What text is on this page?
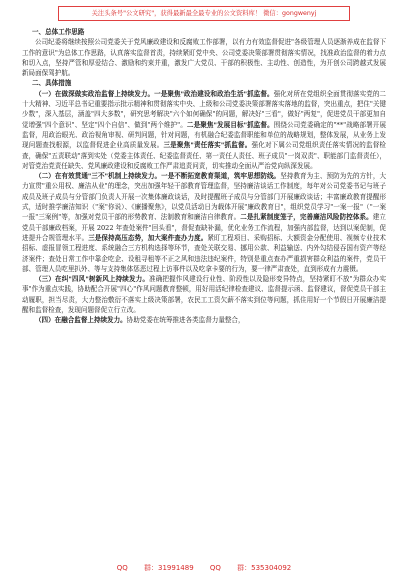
关注头条号"公文研究"，获得最新最全最专业的公文资料库！ 微信：gongwenyj
一、总体工作思路

公司纪委将继续按照公司党委关于党风廉政建设和反腐败工作部署，以有力有效监督促进"各级管理人员逐渐养成在监督下工作的意识"为总体工作思路，认真落实监督首责，持续紧盯党中央、公司党委决策部署贯彻落实情况，找准政治监督的着力点和切入点，坚持严管和厚爱结合、激励和约束并重，激发广大党员、干部的积极性、主动性、创造性，为开创公司跨越式发展新局面保驾护航。

二、具体措施

（一）在做深做实政治监督上持续发力。一是聚焦"政治建设和政治生活"抓监督。强化对所在党组织全面贯彻落实党的二十大精神、习近平总书记重要指示批示精神和贯彻落实中央、上级和公司党委决策部署落实落地的监督，突出重点，把住"关键少数"，深入基层，涵盖"四大多数"，研究思考解决"六个如何确保"的问题，解决好"三看"，做好"两复"，促进党员干部更加自觉增强"四个意识"、坚定"四个自信"、做到"两个维护"。二是聚焦"发展目标"抓监督。围绕公司党委确定的"**"战略部署开展监督，用政治眼光、政治视角审视、研判问题，针对问题，有机融合纪委监督职能和单位的战略规划，整体发展，从业务上发现问题查找根源，以监督促进企业高质量发展。三是聚焦"责任落实"抓监督。强化对下属公司党组织责任落实情况的监督检查，确保"五责联动"落到实处（党委主体责任、纪委监督责任、第一责任人责任、班子成员"一岗双责"、职能部门监督责任），对管党治党责任缺失、党风廉政建设和反腐败工作严肃追责问责，切实推动全面从严治党向纵深发展。

（二）在有效贯通"三不"机制上持续发力。一是不断拓宽教育渠道，筑牢思想防线。坚持教育为主、预防为先的方针，大力宣贯"重公用权、廉洁从业"的理念，突出加强年轻干部教育管理监督，坚持廉洁谈话工作制度，每年对公司党委书记与班子成员及班子成员与分管部门负责人开展一次集体廉政谈话，及时提醒班子成员与分管部门开展廉政谈话；丰富廉政教育提醒形式，适时推学廉洁知识（"案"你说）、《廉播聚焦》，以党员活动日为载体开展"廉政教育日"，组织党员学习"一案一报"（"一案一报"三案例"等，加强对党员干部的形势教育、法制教育和廉洁自律教育。二是扎紧制度笼子，完善廉洁风险防控体系。建立党员干部廉政档案，开展 2022 年查处案件"回头看"，督促查缺补漏，优化业务工作流程，加强内部监督，达到以案促制，促进提升合规管理水平。三是保持高压态势，加大案件查办力度。紧盯工程项目、采购招标、大额资金分配使用、视频专业技术招标、虚报冒领工程进度、系统融合三方机构选择等环节，查处关联交易、挪用公款、利益输送、内外勾结侵吞国有资产等经济案件；查处日常工作中靠企吃企、设租寻租等不正之风和违法违纪案件，特别是重点查办严重损害群众利益的案件，党员干部、管理人员吃里扒外、等与支持集体惩恶过程上访事件以及吃拿卡要的行为，要一律严肃查处，直到形成有力震慑。

（三）在纠"四风"树新风上持续发力。准确把握作风建设行业性、阶段性以及隐形变异特点，坚持紧盯不放"为群众办实事"作为重点实践，协助配合开展"四心"作风问题教育整顿，用好用活纪律检查建议、监督提示函、监督建议，督促党员干部主动履职，担当尽责，大力整治敷衍不落实上级决策部署，农民工工资欠薪不落实到位等问题，抓住用好一个节假日开展廉洁提醒和监督检查，发现问题督促立行立改。

（四）在融合监督上持续发力。协助党委在统筹推进各类监督力量整合，

QQ 群：31991489 QQ 群：535304092
